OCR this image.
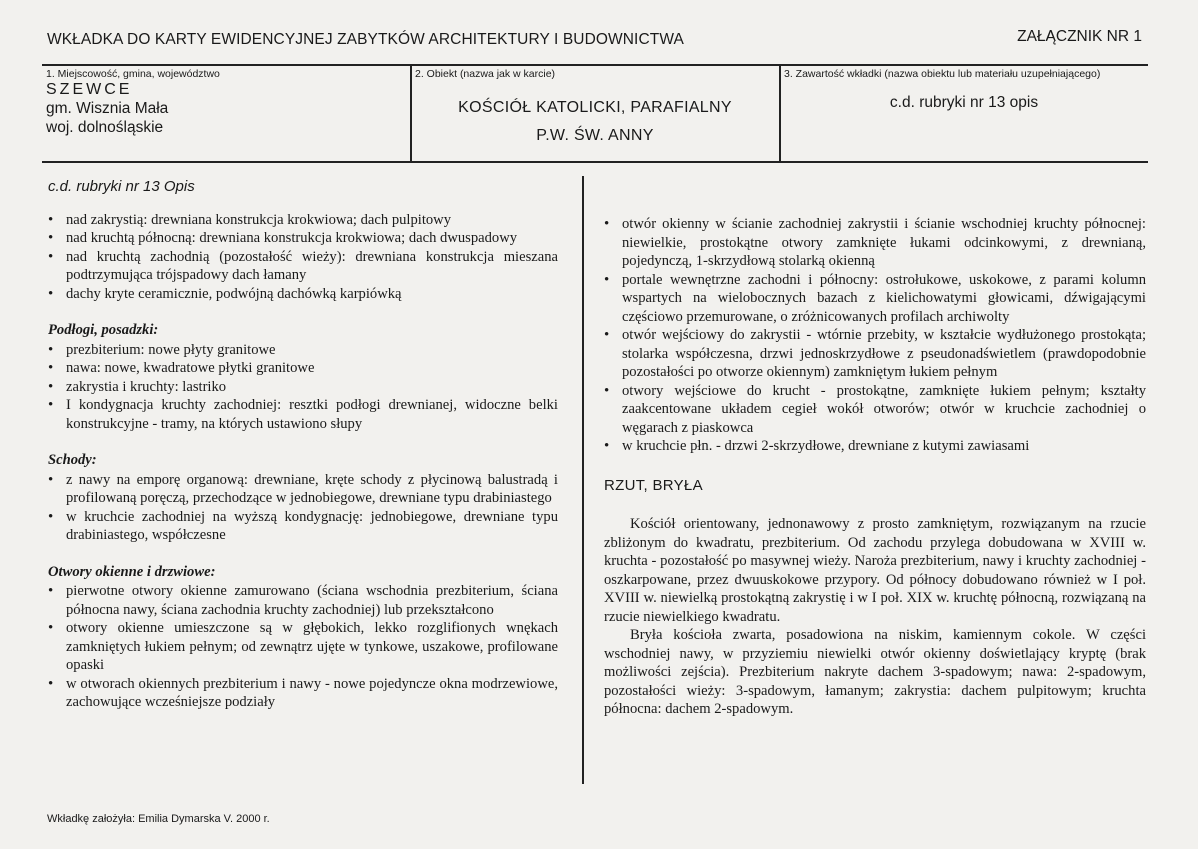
WKŁADKA DO KARTY EWIDENCYJNEJ ZABYTKÓW ARCHITEKTURY I BUDOWNICTWA	ZAŁĄCZNIK NR 1
1. Miejscowość, gmina, województwo
SZEWCE
gm. Wisznia Mała
woj. dolnośląskie
2. Obiekt (nazwa jak w karcie)
KOŚCIÓŁ KATOLICKI, PARAFIALNY
P.W. ŚW. ANNY
3. Zawartość wkładki (nazwa obiektu lub materiału uzupełniającego)
c.d. rubryki nr 13 opis
c.d. rubryki nr 13 Opis
• nad zakrystią: drewniana konstrukcja krokwiowa; dach pulpitowy
• nad kruchtą północną: drewniana konstrukcja krokwiowa; dach dwuspadowy
• nad kruchtą zachodnią (pozostałość wieży): drewniana konstrukcja mieszana podtrzymująca trójspadowy dach łamany
• dachy kryte ceramicznie, podwójną dachówką karpiówką
Podłogi, posadzki:
• prezbiterium: nowe płyty granitowe
• nawa: nowe, kwadratowe płytki granitowe
• zakrystia i kruchty: lastriko
• I kondygnacja kruchty zachodniej: resztki podłogi drewnianej, widoczne belki konstrukcyjne - tramy, na których ustawiono słupy
Schody:
• z nawy na emporę organową: drewniane, kręte schody z płycinową balustradą i profilowaną poręczą, przechodzące w jednobiegowe, drewniane typu drabiniastego
• w kruchcie zachodniej na wyższą kondygnację: jednobiegowe, drewniane typu drabiniastego, współczesne
Otwory okienne i drzwiowe:
• pierwotne otwory okienne zamurowano (ściana wschodnia prezbiterium, ściana północna nawy, ściana zachodnia kruchty zachodniej) lub przekształcono
• otwory okienne umieszczone są w głębokich, lekko rozglifionych wnękach zamkniętych łukiem pełnym; od zewnątrz ujęte w tynkowe, uszakowe, profilowane opaski
• w otworach okiennych prezbiterium i nawy - nowe pojedyncze okna modrzewiowe, zachowujące wcześniejsze podziały
• otwór okienny w ścianie zachodniej zakrystii i ścianie wschodniej kruchty północnej: niewielkie, prostokątne otwory zamknięte łukami odcinkowymi, z drewnianą, pojedynczą, 1-skrzydłową stolarką okienną
• portale wewnętrzne zachodni i północny: ostrołukowe, uskokowe, z parami kolumn wspartych na wielobocznych bazach z kielichowatymi głowicami, dźwigającymi częściowo przemurowane, o zróżnicowanych profilach archiwolty
• otwór wejściowy do zakrystii - wtórnie przebity, w kształcie wydłużonego prostokąta; stolarka współczesna, drzwi jednoskrzydłowe z pseudonadświetlem (prawdopodobnie pozostałości po otworze okiennym) zamkniętym łukiem pełnym
• otwory wejściowe do krucht - prostokątne, zamknięte łukiem pełnym; kształty zaakcentowane układem cegieł wokół otworów; otwór w kruchcie zachodniej o węgarach z piaskowca
• w kruchcie płn. - drzwi 2-skrzydłowe, drewniane z kutymi zawiasami
RZUT, BRYŁA

Kościół orientowany, jednonawowy z prosto zamkniętym, rozwiązanym na rzucie zbliżonym do kwadratu, prezbiterium. Od zachodu przylega dobudowana w XVIII w. kruchta - pozostałość po masywnej wieży. Naroża prezbiterium, nawy i kruchty zachodniej - oszkarpowane, przez dwuuskokowe przypory. Od północy dobudowano również w I poł. XVIII w. niewielką prostokątną zakrystię i w I poł. XIX w. kruchtę północną, rozwiązaną na rzucie niewielkiego kwadratu.

Bryła kościoła zwarta, posadowiona na niskim, kamiennym cokole. W części wschodniej nawy, w przyziemiu niewielki otwór okienny doświetlający kryptę (brak możliwości zejścia). Prezbiterium nakryte dachem 3-spadowym; nawa: 2-spadowym, pozostałości wieży: 3-spadowym, łamanym; zakrystia: dachem pulpitowym; kruchta północna: dachem 2-spadowym.

Wkładkę założyła: Emilia Dymarska V. 2000 r.
